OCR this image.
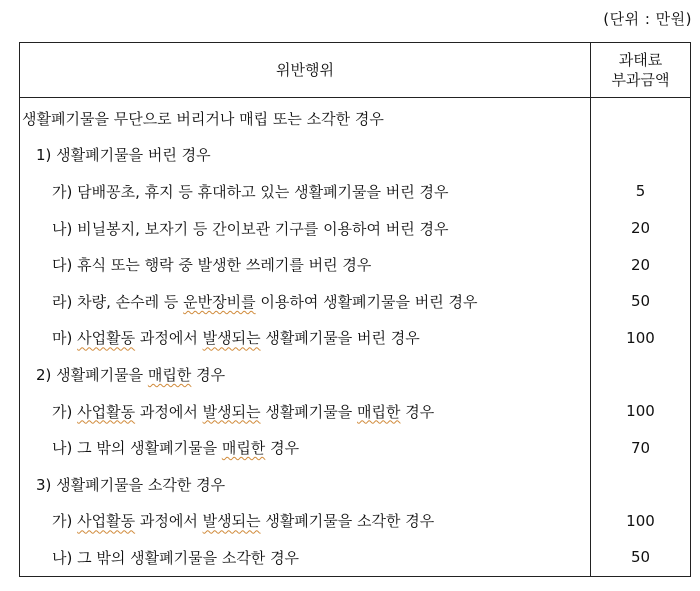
(단위 : 만원)
위반행위	과태료
부과금액
생활폐기물을 무단으로 버리거나 매립 또는 소각한 경우	
1) 생활폐기물을 버린 경우	
가) 담배꽁초, 휴지 등 휴대하고 있는 생활폐기물을 버린 경우	5
나) 비닐봉지, 보자기 등 간이보관 기구를 이용하여 버린 경우	20
다) 휴식 또는 행락 중 발생한 쓰레기를 버린 경우	20
라) 차량, 손수레 등 운반장비를 이용하여 생활폐기물을 버린 경우	50
마) 사업활동 과정에서 발생되는 생활폐기물을 버린 경우	100
2) 생활폐기물을 매립한 경우	
가) 사업활동 과정에서 발생되는 생활폐기물을 매립한 경우	100
나) 그 밖의 생활폐기물을 매립한 경우	70
3) 생활폐기물을 소각한 경우	
가) 사업활동 과정에서 발생되는 생활폐기물을 소각한 경우	100
나) 그 밖의 생활폐기물을 소각한 경우	50
